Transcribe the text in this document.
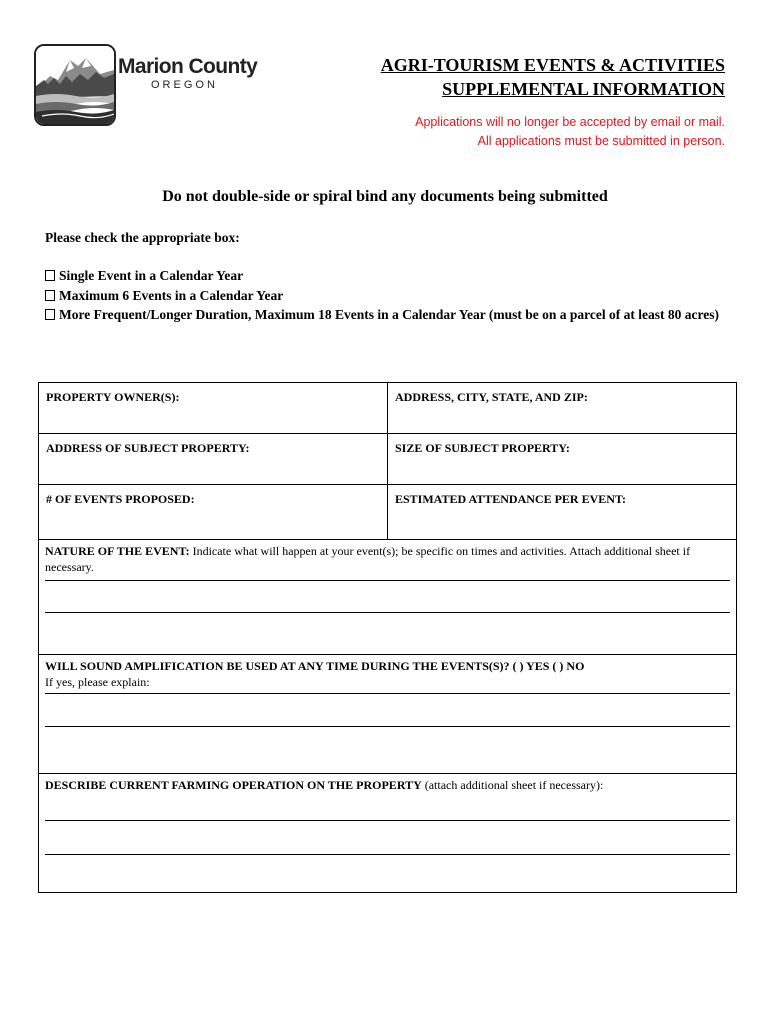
Marion County
OREGON
AGRI-TOURISM EVENTS & ACTIVITIES
SUPPLEMENTAL INFORMATION
Applications will no longer be accepted by email or mail.
All applications must be submitted in person.
Do not double-side or spiral bind any documents being submitted
Please check the appropriate box:
Single Event in a Calendar Year
Maximum 6 Events in a Calendar Year
More Frequent/Longer Duration, Maximum 18 Events in a Calendar Year (must be on a parcel of at least 80 acres)
PROPERTY OWNER(S):	ADDRESS, CITY, STATE, AND ZIP:
ADDRESS OF SUBJECT PROPERTY:	SIZE OF SUBJECT PROPERTY:
# OF EVENTS PROPOSED:	ESTIMATED ATTENDANCE PER EVENT:

NATURE OF THE EVENT: Indicate what will happen at your event(s); be specific on times and activities. Attach additional sheet if necessary.	

WILL SOUND AMPLIFICATION BE USED AT ANY TIME DURING THE EVENTS(S)? ( ) YES ( ) NO
If yes, please explain:	

DESCRIBE CURRENT FARMING OPERATION ON THE PROPERTY (attach additional sheet if necessary):	
